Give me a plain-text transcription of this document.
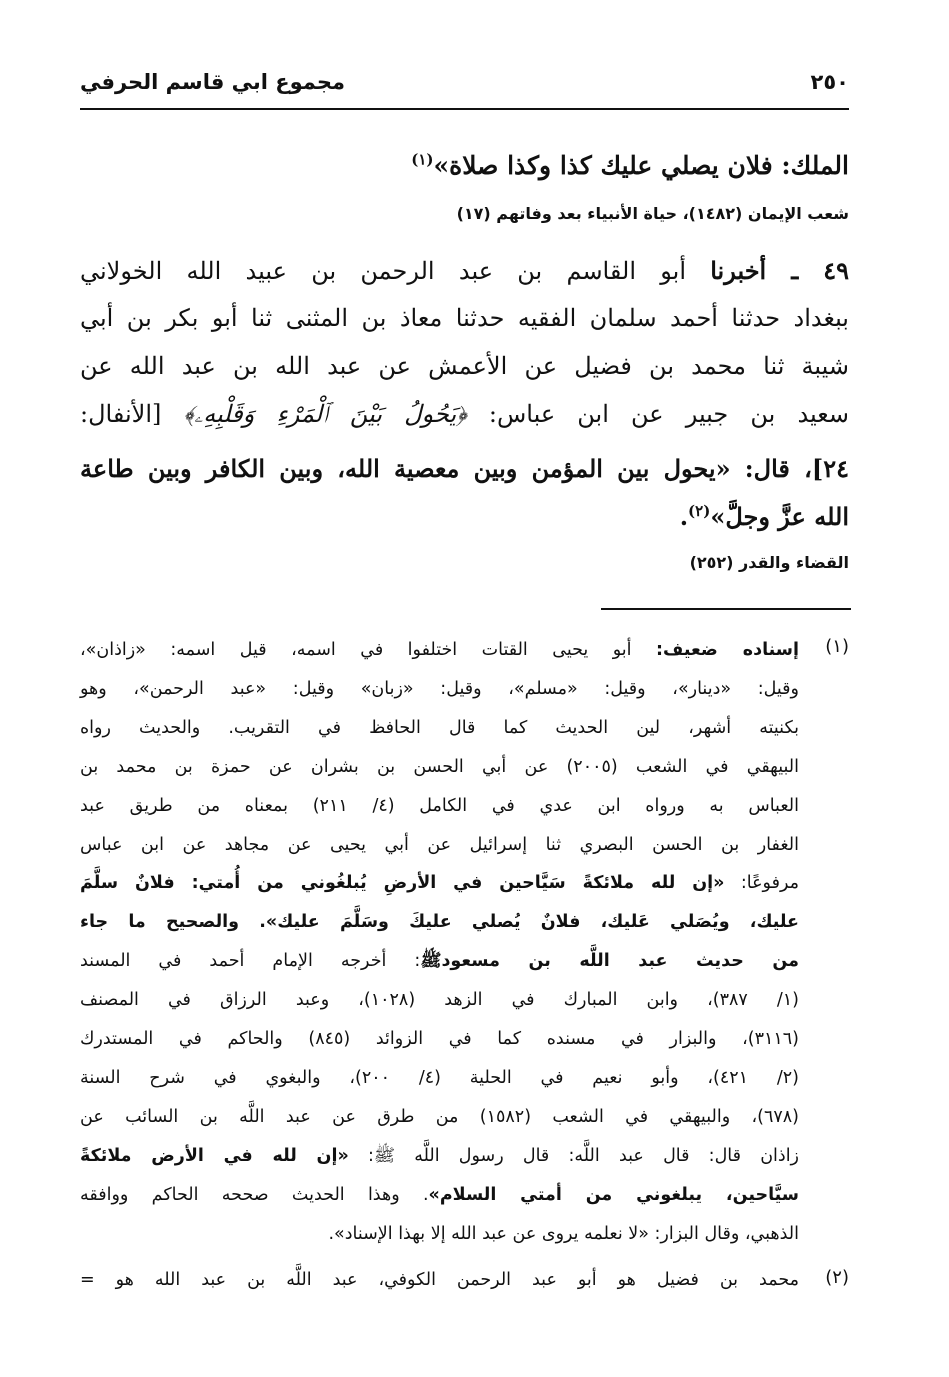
٢٥٠
مجموع ابي قاسم الحرفي
الملك: فلان يصلي عليك كذا وكذا صلاة»$^{(١)}$
شعب الإيمان (١٤٨٢)، حياة الأنبياء بعد وفاتهم (١٧)
٤٩ ـ أخبرنا أبو القاسم بن عبد الرحمن بن عبيد الله الخولاني
ببغداد حدثنا أحمد سلمان الفقيه حدثنا معاذ بن المثنى ثنا أبو بكر بن أبي
شيبة ثنا محمد بن فضيل عن الأعمش عن عبد الله بن عبد الله عن
سعيد بن جبير عن ابن عباس: ﴿يَحُولُ بَيْنَ ٱلْمَرْءِ وَقَلْبِهِۦ﴾ [الأنفال:
٢٤]، قال: «يحول بين المؤمن وبين معصية الله، وبين الكافر وبين طاعة
الله عزَّ وجلَّ»$^{(٢)}$.
القضاء والقدر (٢٥٢)
(١)
إسناده ضعيف: أبو يحيى القتات اختلفوا في اسمه، قيل اسمه: «زاذان»،
وقيل: «دينار»، وقيل: «مسلم»، وقيل: «زبان» وقيل: «عبد الرحمن»، وهو
بكنيته أشهر، لين الحديث كما قال الحافظ في التقريب. والحديث رواه
البيهقي في الشعب (٢٠٠٥) عن أبي الحسن بن بشران عن حمزة بن محمد بن
العباس به ورواه ابن عدي في الكامل (٤/ ٢١١) بمعناه من طريق عبد
الغفار بن الحسن البصري ثنا إسرائيل عن أبي يحيى عن مجاهد عن ابن عباس
مرفوعًا: «إن لله ملائكةً سَيَّاحين في الأرضِ يُبلغُوني من أُمتي: فلانٌ سلَّمَ
عليك، ويُصَلي عَليك، فلانٌ يُصلي عليكَ وسَلَّمَ عليك». والصحيح ما جاء
من حديث عبد اللَّه بن مسعودﷺ: أخرجه الإمام أحمد في المسند
(١/ ٣٨٧)، وابن المبارك في الزهد (١٠٢٨)، وعبد الرزاق في المصنف
(٣١١٦)، والبزار في مسنده كما في الزوائد (٨٤٥) والحاكم في المستدرك
(٢/ ٤٢١)، وأبو نعيم في الحلية (٤/ ٢٠٠)، والبغوي في شرح السنة
(٦٧٨)، والبيهقي في الشعب (١٥٨٢) من طرق عن عبد اللَّه بن السائب عن
زاذان قال: قال عبد اللَّه: قال رسول اللَّه ﷺ: «إن لله في الأرض ملائكةً
سيَّاحين، يبلغوني من أمتي السلام». وهذا الحديث صححه الحاكم ووافقه
الذهبي، وقال البزار: «لا نعلمه يروى عن عبد الله إلا بهذا الإسناد».
(٢)
محمد بن فضيل هو أبو عبد الرحمن الكوفي، عبد اللَّه بن عبد الله هو =
